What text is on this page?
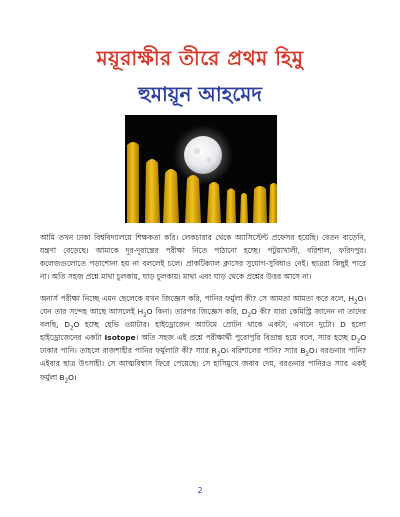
ময়ূরাক্ষীর তীরে প্রথম হিমু
হুমায়ূন আহমেদ

আমি তখন ঢাকা বিশ্ববিদ্যালয়ে শিক্ষকতা করি। লেকচারার থেকে অ্যাসিস্টেন্ট প্রফেসর হয়েছি। বেতন বাড়েনি, যন্ত্রণা বেড়েছে। আমাকে দূর-দূরান্তের পরীক্ষা নিতে পাঠানো হচ্ছে। পটুয়াখালী, বরিশাল, ফরিদপুর। কলেজগুলোতে পড়াশোনা হয় না বললেই চলে। প্রাকটিক্যাল ক্লাসের সুযোগ-সুবিধাও নেই। ছাত্ররা কিছুই পারে না। অতি সহজ প্রশ্নে মাথা চুলকায়, ঘাড় চুলকায়। মাথা এবং ঘাড় থেকে প্রশ্নের উত্তর আসে না।

অনার্স পরীক্ষা নিচ্ছে এমন ছেলেকে যখন জিজ্ঞেস করি, পানির ফর্মুলা কী? সে আমতা আমতা করে বলে, $H_2O।$ যেন তার সন্দেহ আছে আসলেই $H_2O$ কিনা। তারপর জিজ্ঞেস করি, $D_2O$ কী? যারা কেমিস্ট্রি জানেন না তাদের বলছি, $D_2O$ হচ্ছে হেভি ওয়াটার। হাইড্রোজেন অ্যাটমে প্রোটন থাকে একটা, এখানে দুটো। D হলো হাইড্রোজেনের একটা Isotope। অতি সহজ এই প্রশ্নে পরীক্ষার্থী পুরোপুরি বিভ্রান্ত হয়ে বলে, স্যার হচ্ছে $D_2O$ ঢাকার পানি। তাহলে রাজশাহীর পানির ফর্মুলাটা কী? স্যার $R_2O।$ বরিশালের পানি? স্যার $B_2O।$ বরগুনার পানি? এইবার ছাত্র উৎসাহী। সে আত্মবিশ্বাস ফিরে পেয়েছে। সে হাসিমুখে জবাব দেয়, বরগুনার পানিরও স্যার একই ফর্মুলা $B_2O।$

2
